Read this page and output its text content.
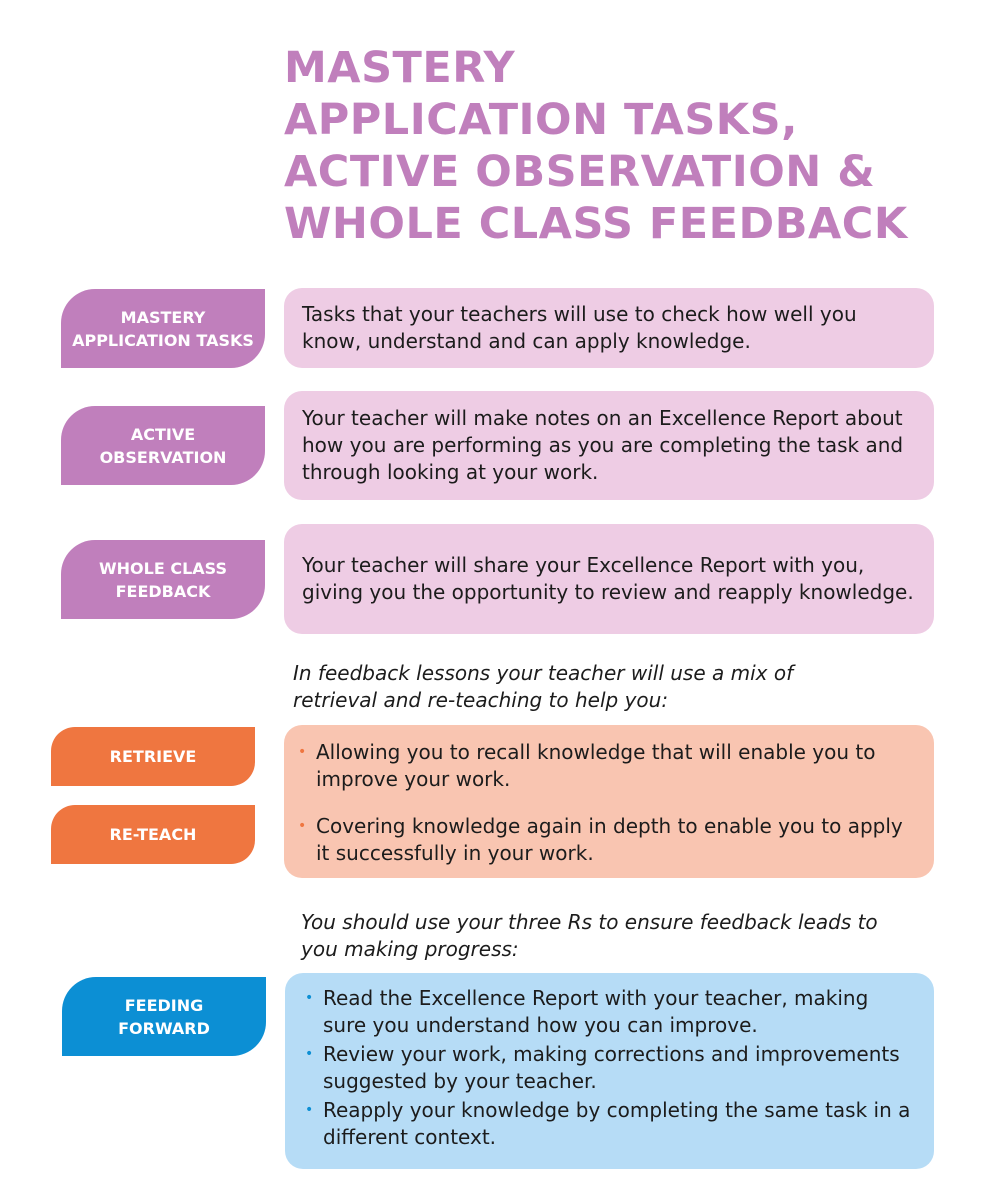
MASTERY
APPLICATION TASKS,
ACTIVE OBSERVATION &
WHOLE CLASS FEEDBACK
MASTERY
APPLICATION TASKS

Tasks that your teachers will use to check how well you know, understand and can apply knowledge.

ACTIVE
OBSERVATION

Your teacher will make notes on an Excellence Report about how you are performing as you are completing the task and through looking at your work.

WHOLE CLASS
FEEDBACK

Your teacher will share your Excellence Report with you, giving you the opportunity to review and reapply knowledge.

In feedback lessons your teacher will use a mix of retrieval and re-teaching to help you:

RETRIEVE
RE-TEACH
• Allowing you to recall knowledge that will enable you to improve your work.
• Covering knowledge again in depth to enable you to apply it successfully in your work.

You should use your three Rs to ensure feedback leads to you making progress:

FEEDING
FORWARD
• Read the Excellence Report with your teacher, making sure you understand how you can improve.
• Review your work, making corrections and improvements suggested by your teacher.
• Reapply your knowledge by completing the same task in a different context.
